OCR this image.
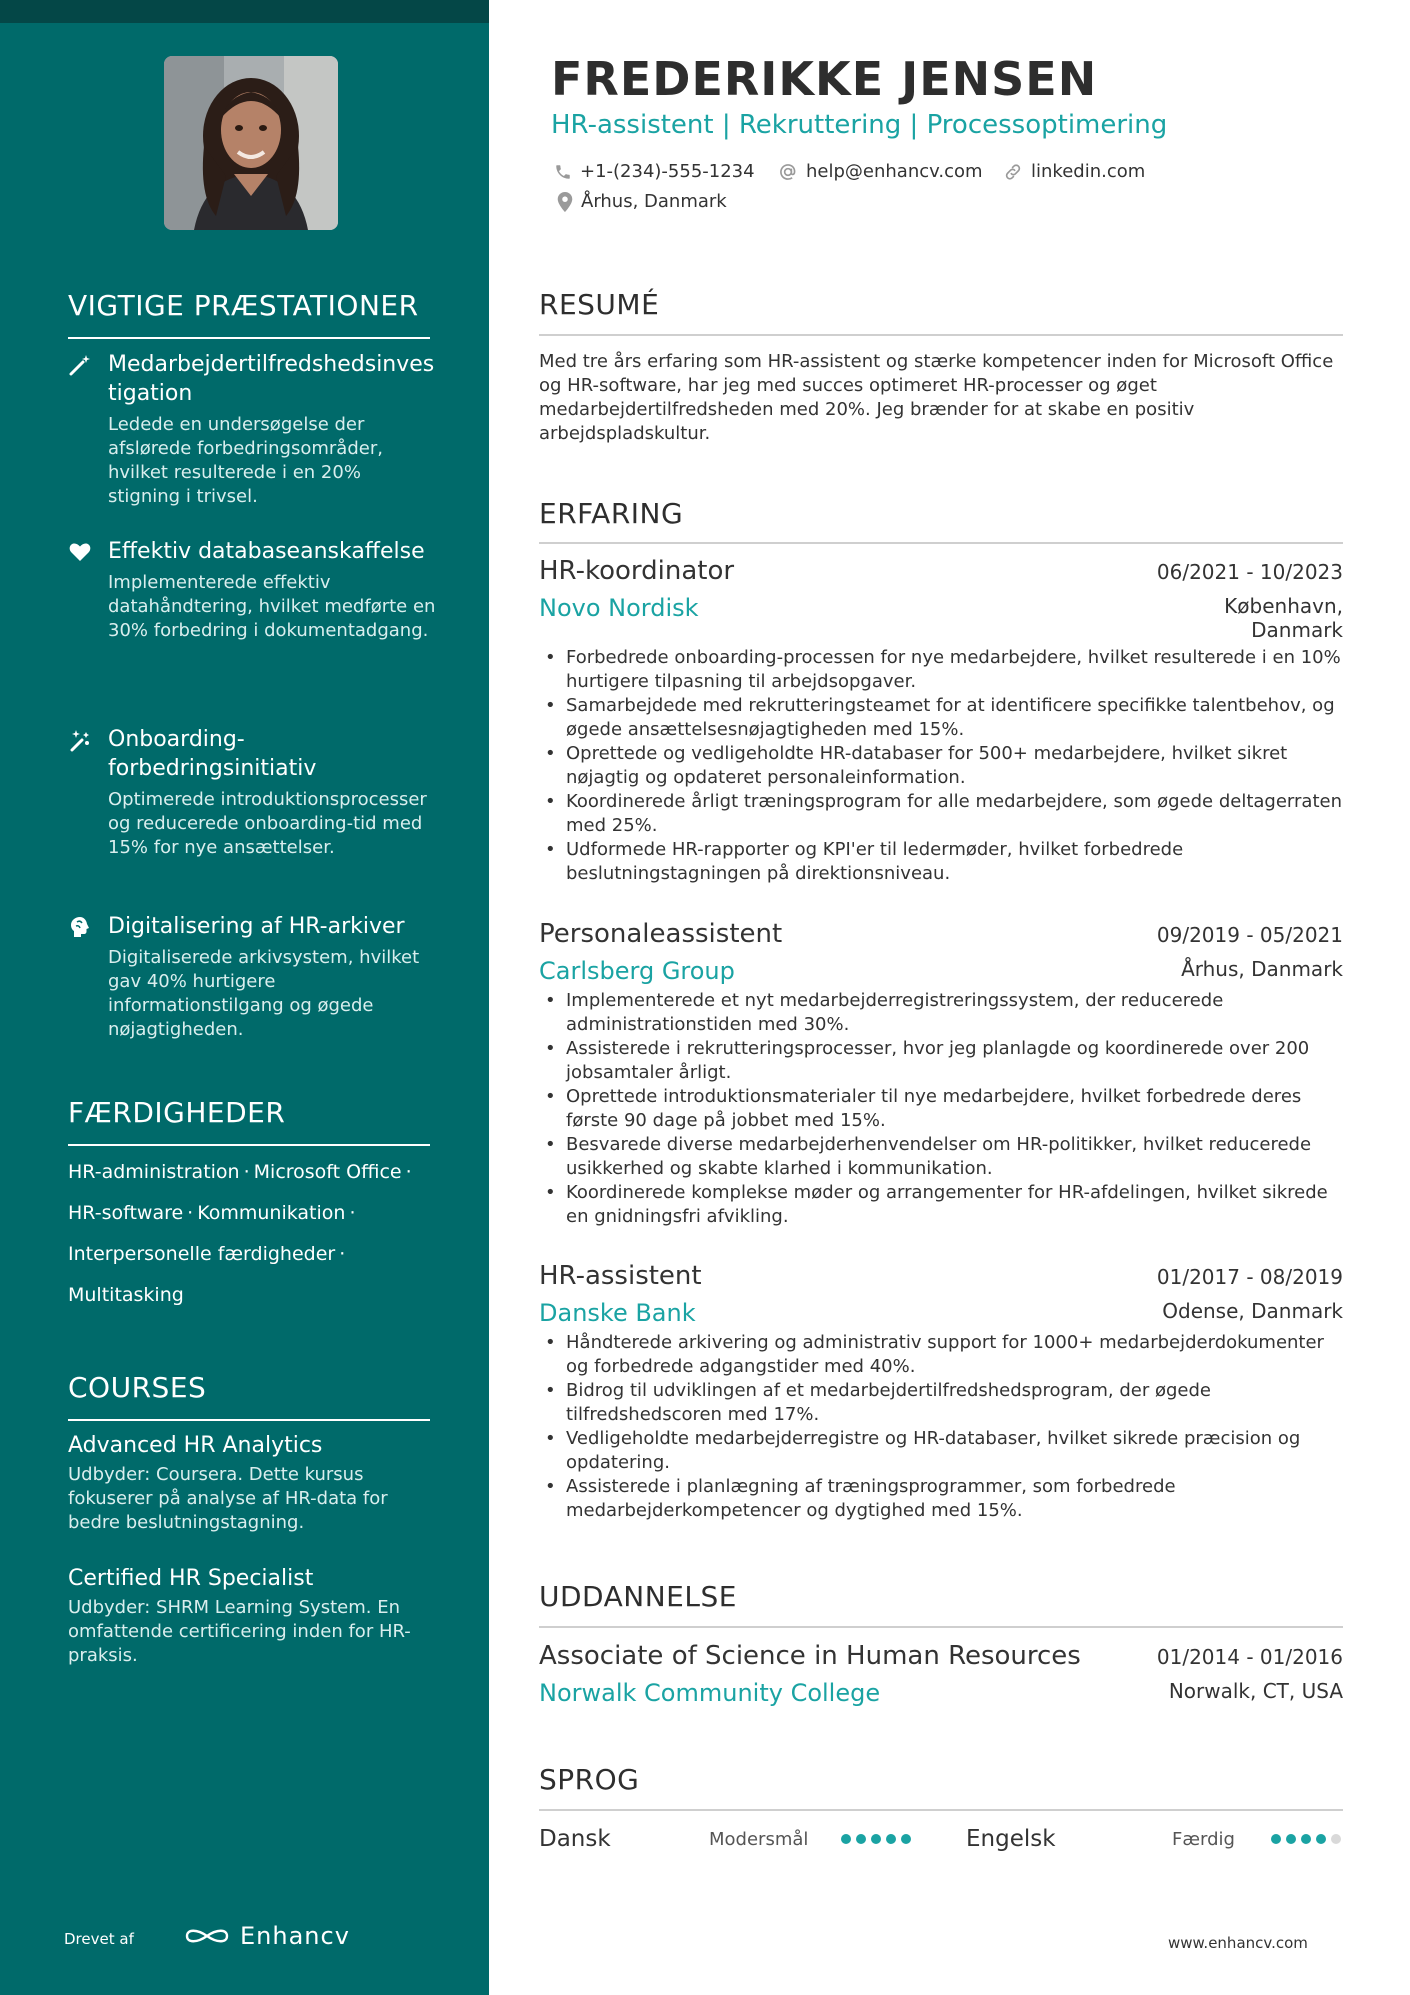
VIGTIGE PRÆSTATIONER
Medarbejdertilfredshedsinvestigation
Ledede en undersøgelse der afslørede forbedringsområder, hvilket resulterede i en 20% stigning i trivsel.
Effektiv databaseanskaffelse
Implementerede effektiv datahåndtering, hvilket medførte en 30% forbedring i dokumentadgang.
Onboarding-forbedringsinitiativ
Optimerede introduktionsprocesser og reducerede onboarding-tid med 15% for nye ansættelser.
Digitalisering af HR-arkiver
Digitaliserede arkivsystem, hvilket gav 40% hurtigere informationstilgang og øgede nøjagtigheden.
FÆRDIGHEDER
HR-administration · Microsoft Office ·
HR-software · Kommunikation ·
Interpersonelle færdigheder ·
Multitasking
COURSES
Advanced HR Analytics
Udbyder: Coursera. Dette kursus fokuserer på analyse af HR-data for bedre beslutningstagning.
Certified HR Specialist
Udbyder: SHRM Learning System. En omfattende certificering inden for HR-praksis.
Drevet af	Enhancv
FREDERIKKE JENSEN
HR-assistent | Rekruttering | Processoptimering
+1-(234)-555-1234	help@enhancv.com	linkedin.com
Århus, Danmark
RESUMÉ
Med tre års erfaring som HR-assistent og stærke kompetencer inden for Microsoft Office og HR-software, har jeg med succes optimeret HR-processer og øget medarbejdertilfredsheden med 20%. Jeg brænder for at skabe en positiv arbejdspladskultur.
ERFARING
HR-koordinator	06/2021 - 10/2023
Novo Nordisk	København, Danmark
• Forbedrede onboarding-processen for nye medarbejdere, hvilket resulterede i en 10% hurtigere tilpasning til arbejdsopgaver.
• Samarbejdede med rekrutteringsteamet for at identificere specifikke talentbehov, og øgede ansættelsesnøjagtigheden med 15%.
• Oprettede og vedligeholdte HR-databaser for 500+ medarbejdere, hvilket sikret nøjagtig og opdateret personaleinformation.
• Koordinerede årligt træningsprogram for alle medarbejdere, som øgede deltagerraten med 25%.
• Udformede HR-rapporter og KPI'er til ledermøder, hvilket forbedrede beslutningstagningen på direktionsniveau.
Personaleassistent	09/2019 - 05/2021
Carlsberg Group	Århus, Danmark
• Implementerede et nyt medarbejderregistreringssystem, der reducerede administrationstiden med 30%.
• Assisterede i rekrutteringsprocesser, hvor jeg planlagde og koordinerede over 200 jobsamtaler årligt.
• Oprettede introduktionsmaterialer til nye medarbejdere, hvilket forbedrede deres første 90 dage på jobbet med 15%.
• Besvarede diverse medarbejderhenvendelser om HR-politikker, hvilket reducerede usikkerhed og skabte klarhed i kommunikation.
• Koordinerede komplekse møder og arrangementer for HR-afdelingen, hvilket sikrede en gnidningsfri afvikling.
HR-assistent	01/2017 - 08/2019
Danske Bank	Odense, Danmark
• Håndterede arkivering og administrativ support for 1000+ medarbejderdokumenter og forbedrede adgangstider med 40%.
• Bidrog til udviklingen af et medarbejdertilfredshedsprogram, der øgede tilfredshedscoren med 17%.
• Vedligeholdte medarbejderregistre og HR-databaser, hvilket sikrede præcision og opdatering.
• Assisterede i planlægning af træningsprogrammer, som forbedrede medarbejderkompetencer og dygtighed med 15%.
UDDANNELSE
Associate of Science in Human Resources	01/2014 - 01/2016
Norwalk Community College	Norwalk, CT, USA
SPROG
Dansk	Modersmål	Engelsk	Færdig
www.enhancv.com
